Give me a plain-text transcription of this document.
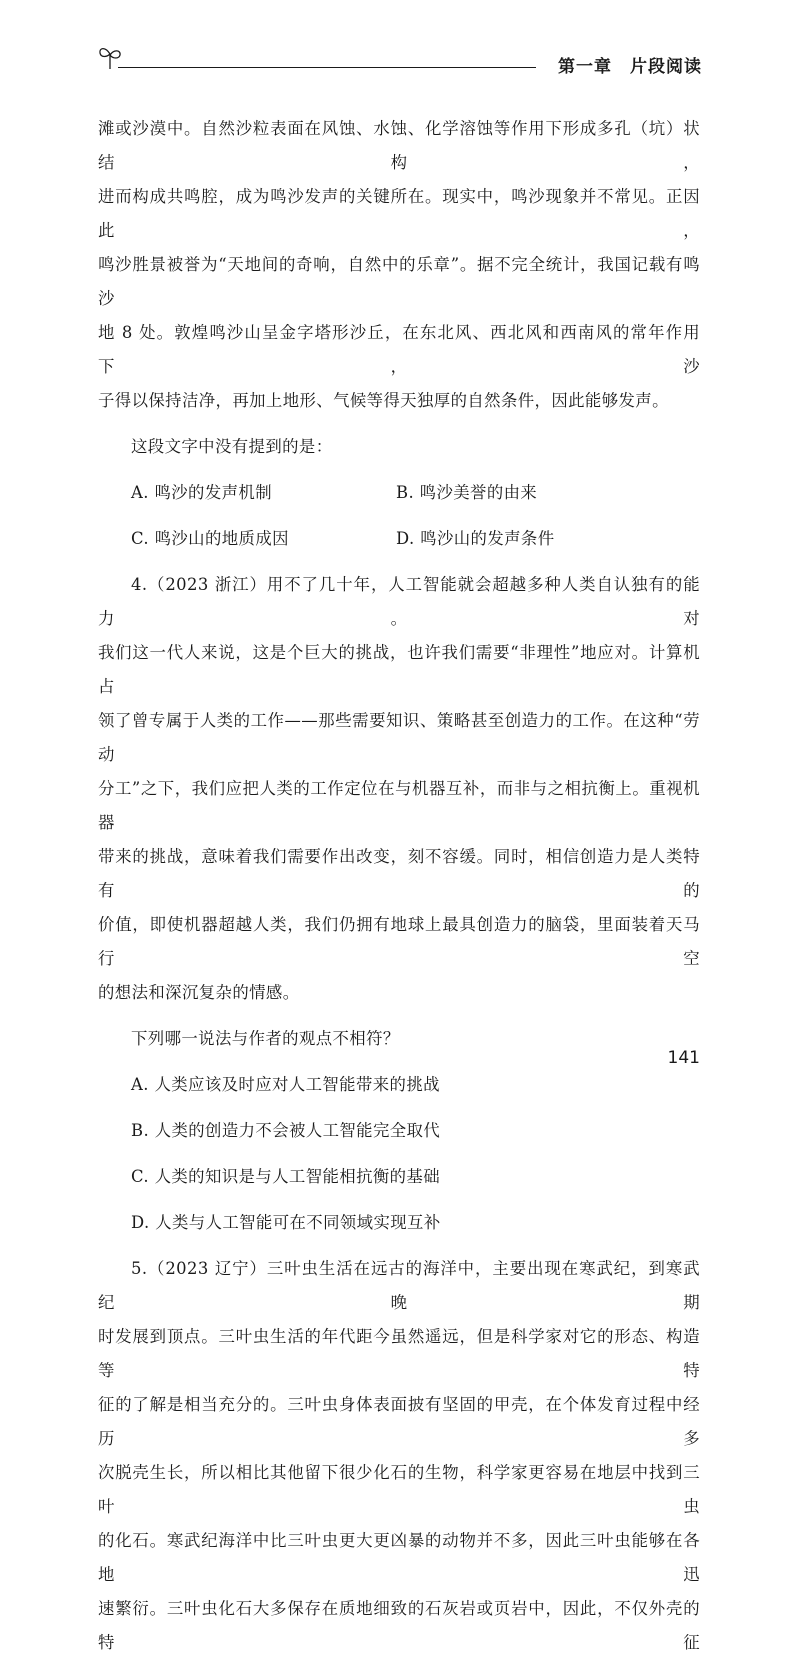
第一章　片段阅读

滩或沙漠中。自然沙粒表面在风蚀、水蚀、化学溶蚀等作用下形成多孔（坑）状结构，

进而构成共鸣腔，成为鸣沙发声的关键所在。现实中，鸣沙现象并不常见。正因此，

鸣沙胜景被誉为“天地间的奇响，自然中的乐章”。据不完全统计，我国记载有鸣沙

地 8 处。敦煌鸣沙山呈金字塔形沙丘，在东北风、西北风和西南风的常年作用下，沙

子得以保持洁净，再加上地形、气候等得天独厚的自然条件，因此能够发声。

这段文字中没有提到的是：
A. 鸣沙的发声机制	B. 鸣沙美誉的由来
C. 鸣沙山的地质成因	D. 鸣沙山的发声条件

4.（2023 浙江）用不了几十年，人工智能就会超越多种人类自认独有的能力。对

我们这一代人来说，这是个巨大的挑战，也许我们需要“非理性”地应对。计算机占

领了曾专属于人类的工作——那些需要知识、策略甚至创造力的工作。在这种“劳动

分工”之下，我们应把人类的工作定位在与机器互补，而非与之相抗衡上。重视机器

带来的挑战，意味着我们需要作出改变，刻不容缓。同时，相信创造力是人类特有的

价值，即使机器超越人类，我们仍拥有地球上最具创造力的脑袋，里面装着天马行空

的想法和深沉复杂的情感。

下列哪一说法与作者的观点不相符？
A. 人类应该及时应对人工智能带来的挑战
B. 人类的创造力不会被人工智能完全取代
C. 人类的知识是与人工智能相抗衡的基础
D. 人类与人工智能可在不同领域实现互补

5.（2023 辽宁）三叶虫生活在远古的海洋中，主要出现在寒武纪，到寒武纪晚期

时发展到顶点。三叶虫生活的年代距今虽然遥远，但是科学家对它的形态、构造等特

征的了解是相当充分的。三叶虫身体表面披有坚固的甲壳，在个体发育过程中经历多

次脱壳生长，所以相比其他留下很少化石的生物，科学家更容易在地层中找到三叶虫

的化石。寒武纪海洋中比三叶虫更大更凶暴的动物并不多，因此三叶虫能够在各地迅

速繁衍。三叶虫化石大多保存在质地细致的石灰岩或页岩中，因此，不仅外壳的特征

141
